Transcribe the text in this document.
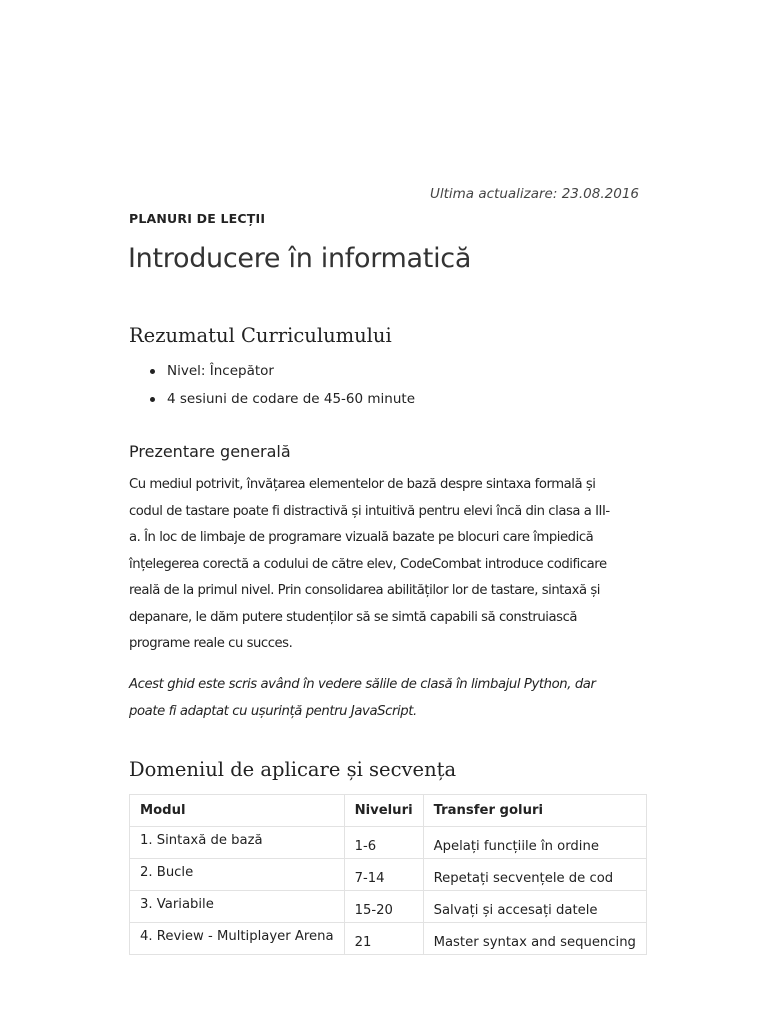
Ultima actualizare: 23.08.2016
PLANURI DE LECȚII
Introducere în informatică
Rezumatul Curriculumului
Nivel: Începător
4 sesiuni de codare de 45-60 minute
Prezentare generală

Cu mediul potrivit, învățarea elementelor de bază despre sintaxa formală și
codul de tastare poate fi distractivă și intuitivă pentru elevi încă din clasa a III-
a. În loc de limbaje de programare vizuală bazate pe blocuri care împiedică
înțelegerea corectă a codului de către elev, CodeCombat introduce codificare
reală de la primul nivel. Prin consolidarea abilităților lor de tastare, sintaxă și
depanare, le dăm putere studenților să se simtă capabili să construiască
programe reale cu succes.

Acest ghid este scris având în vedere sălile de clasă în limbajul Python, dar
poate fi adaptat cu ușurință pentru JavaScript.

Domeniul de aplicare și secvența
Modul	Niveluri	Transfer goluri
1. Sintaxă de bază	1-6	Apelați funcțiile în ordine
2. Bucle	7-14	Repetați secvențele de cod
3. Variabile	15-20	Salvați și accesați datele
4. Review - Multiplayer Arena	21	Master syntax and sequencing
